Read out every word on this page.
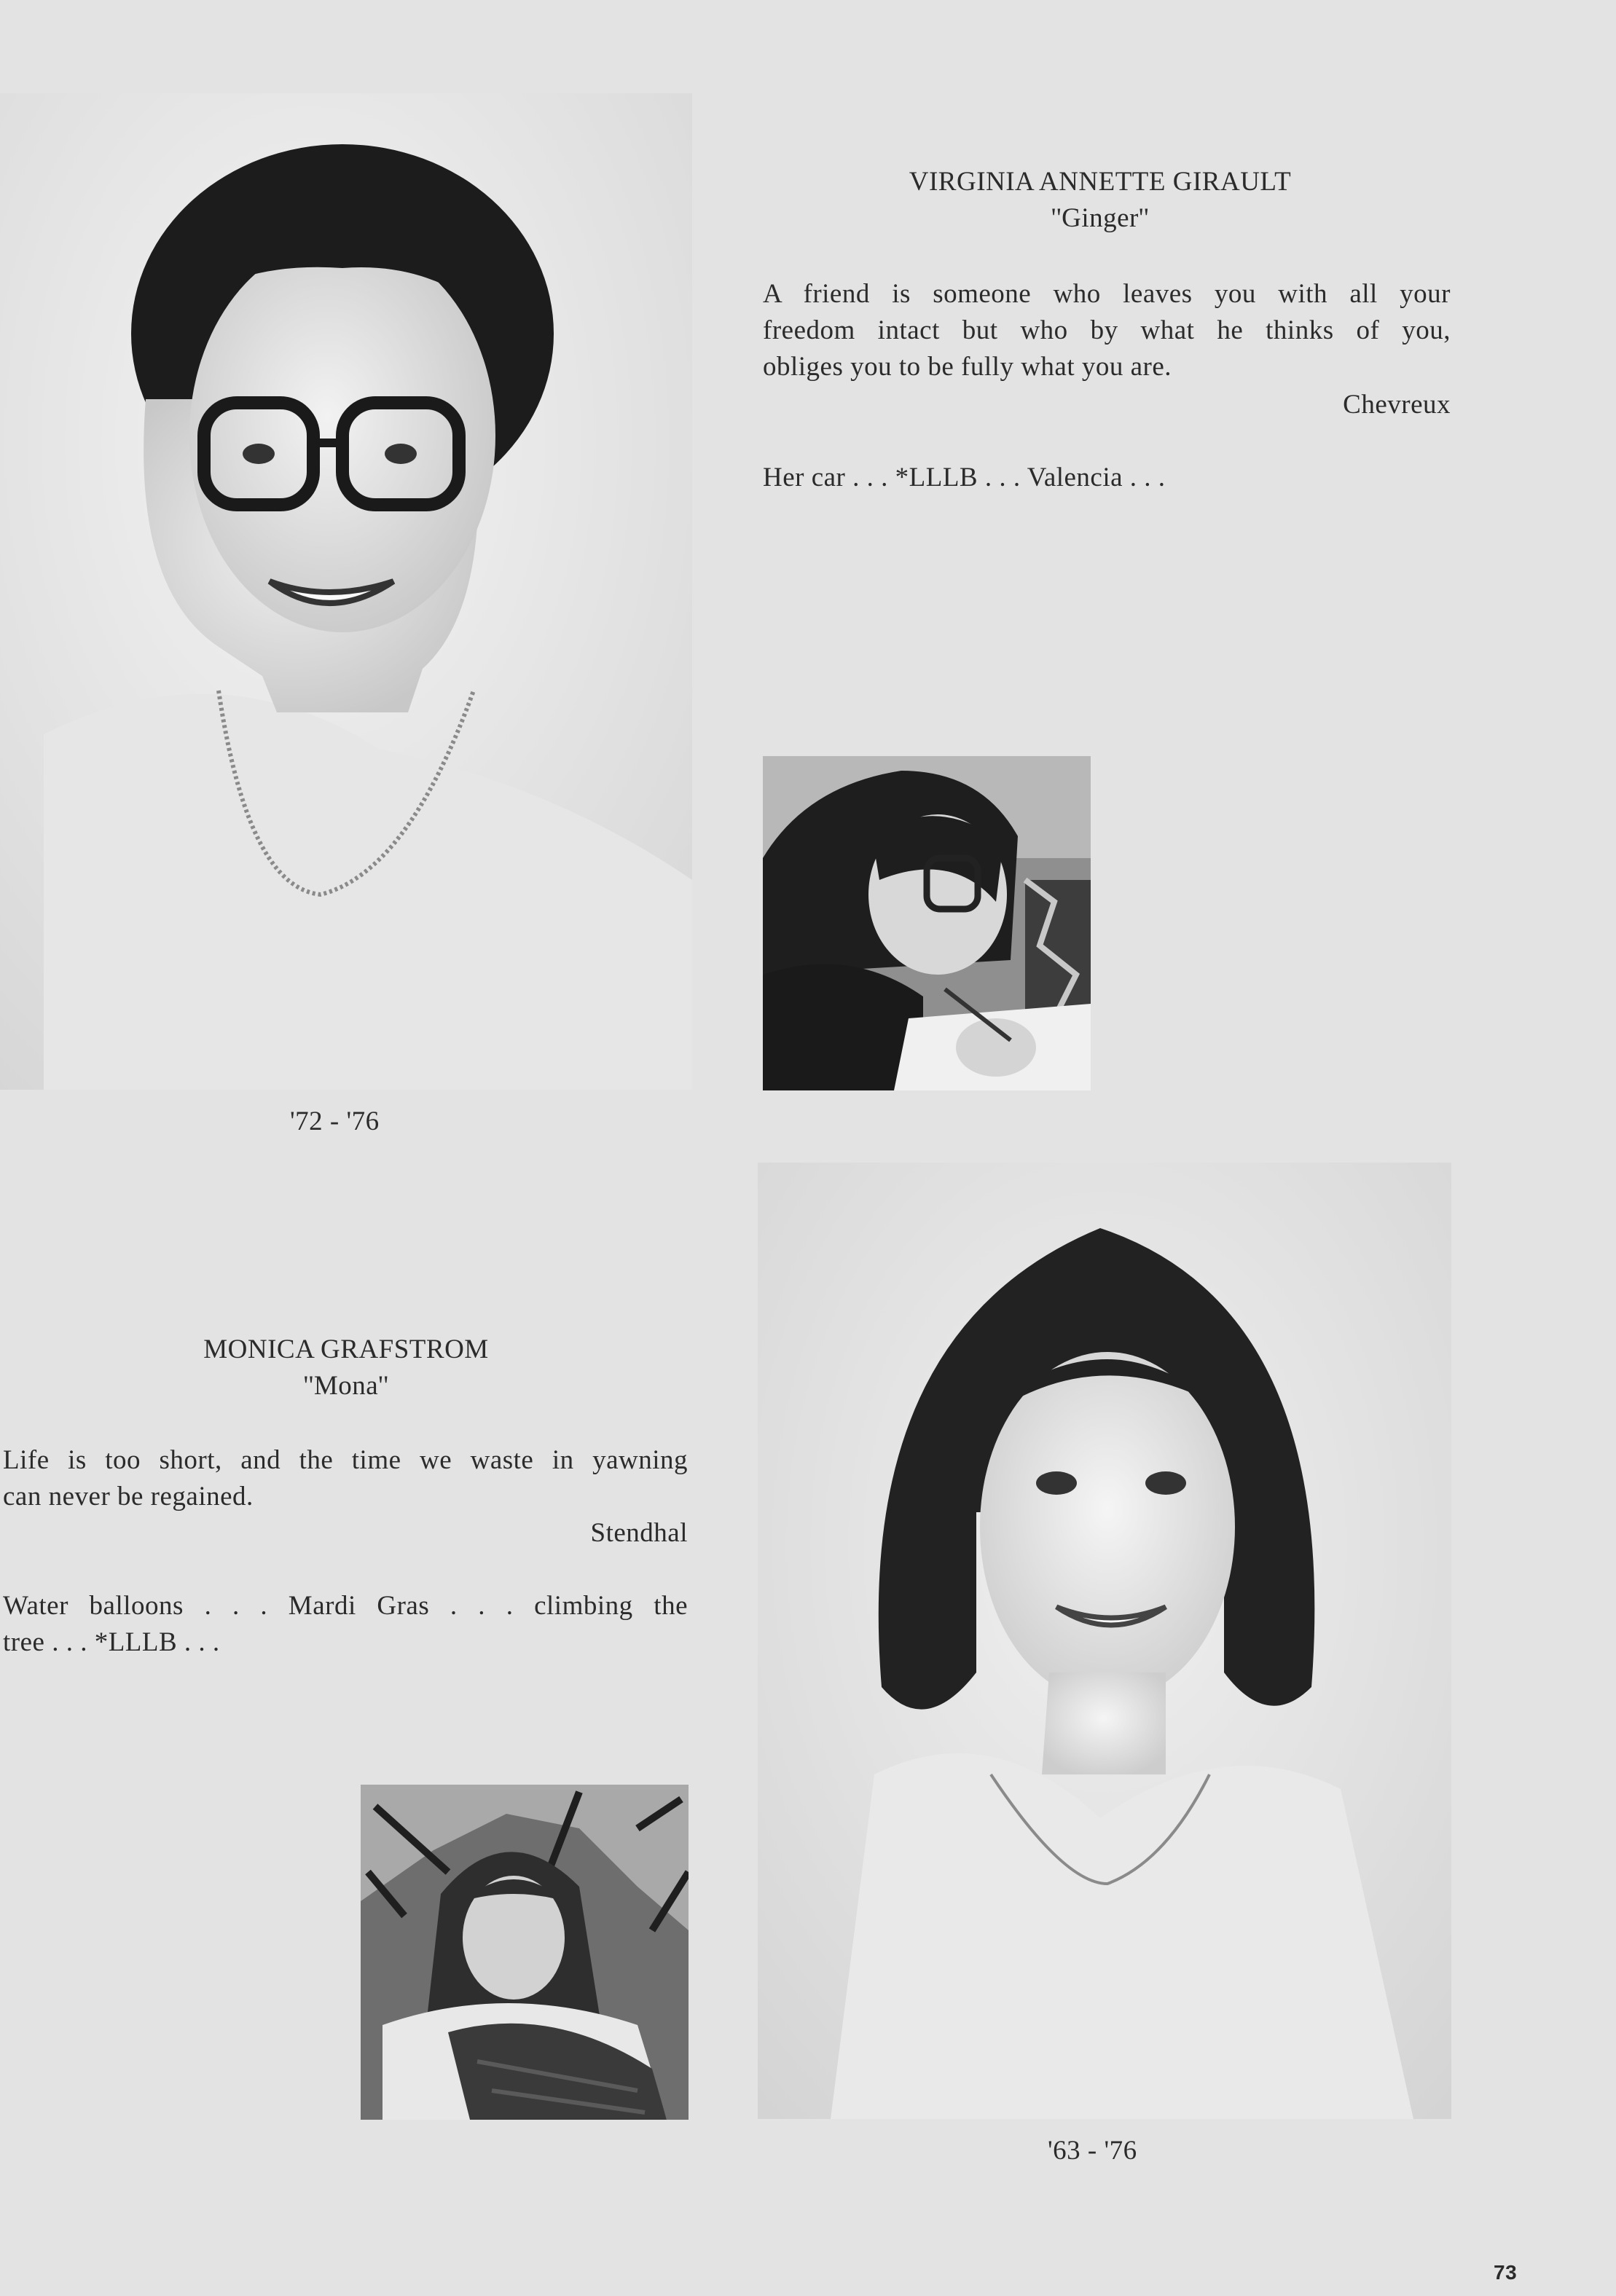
VIRGINIA ANNETTE GIRAULT
''Ginger''
A friend is someone who leaves you with all your
freedom intact but who by what he thinks of you,
obliges you to be fully what you are.
Chevreux
Her car . . . *LLLB . . . Valencia . . .
'72 - '76
MONICA GRAFSTROM
''Mona''
Life is too short, and the time we waste in yawning
can never be regained.
Stendhal
Water balloons . . . Mardi Gras . . . climbing the
tree . . . *LLLB . . .
'63 - '76
73
